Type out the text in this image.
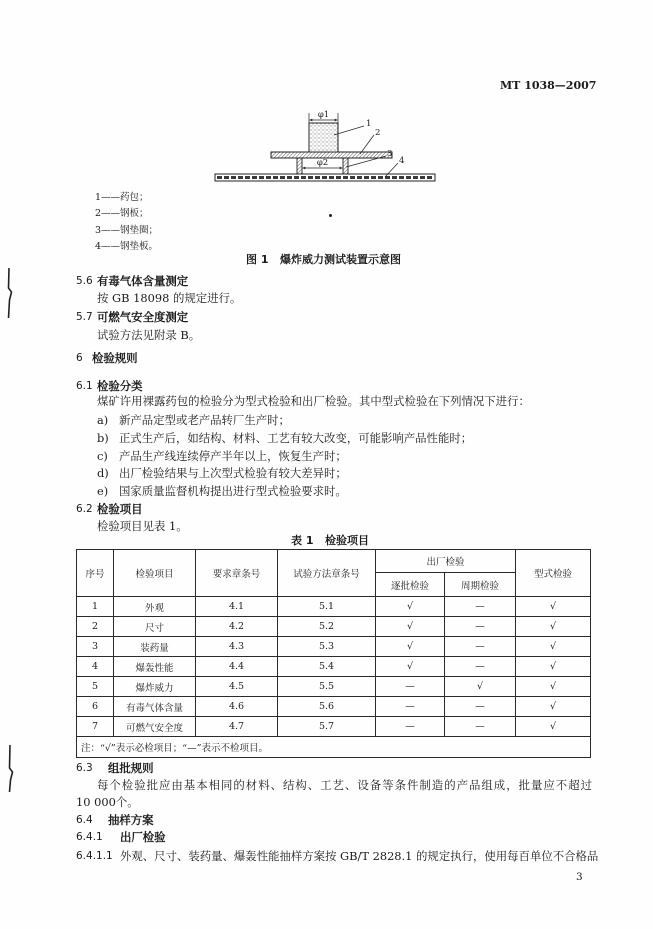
MT 1038—2007
φ1
φ2
1
2
3
4
1——药包；
2——钢板；
3——钢垫圈；
4——钢垫板。
图 1 爆炸威力测试装置示意图
5.6 有毒气体含量测定
按 GB 18098 的规定进行。
5.7 可燃气安全度测定
试验方法见附录 B。
6 检验规则
6.1 检验分类
煤矿许用裸露药包的检验分为型式检验和出厂检验。其中型式检验在下列情况下进行：
a) 新产品定型或老产品转厂生产时；
b) 正式生产后，如结构、材料、工艺有较大改变，可能影响产品性能时；
c) 产品生产线连续停产半年以上，恢复生产时；
d) 出厂检验结果与上次型式检验有较大差异时；
e) 国家质量监督机构提出进行型式检验要求时。
6.2 检验项目
检验项目见表 1。
表 1 检验项目
序号	检验项目	要求章条号	试验方法章条号	出厂检验		型式检验
				逐批检验	周期检验	
1	外观	4.1	5.1	√	—	√
2	尺寸	4.2	5.2	√	—	√
3	装药量	4.3	5.3	√	—	√
4	爆轰性能	4.4	5.4	√	—	√
5	爆炸威力	4.5	5.5	—	√	√
6	有毒气体含量	4.6	5.6	—	—	√
7	可燃气安全度	4.7	5.7	—	—	√
注：“√”表示必检项目；“—”表示不检项目。						
6.3 组批规则
每个检验批应由基本相同的材料、结构、工艺、设备等条件制造的产品组成，批量应不超过
10 000个。
6.4 抽样方案
6.4.1 出厂检验
6.4.1.1 外观、尺寸、装药量、爆轰性能抽样方案按 GB/T 2828.1 的规定执行，使用每百单位不合格品
3
